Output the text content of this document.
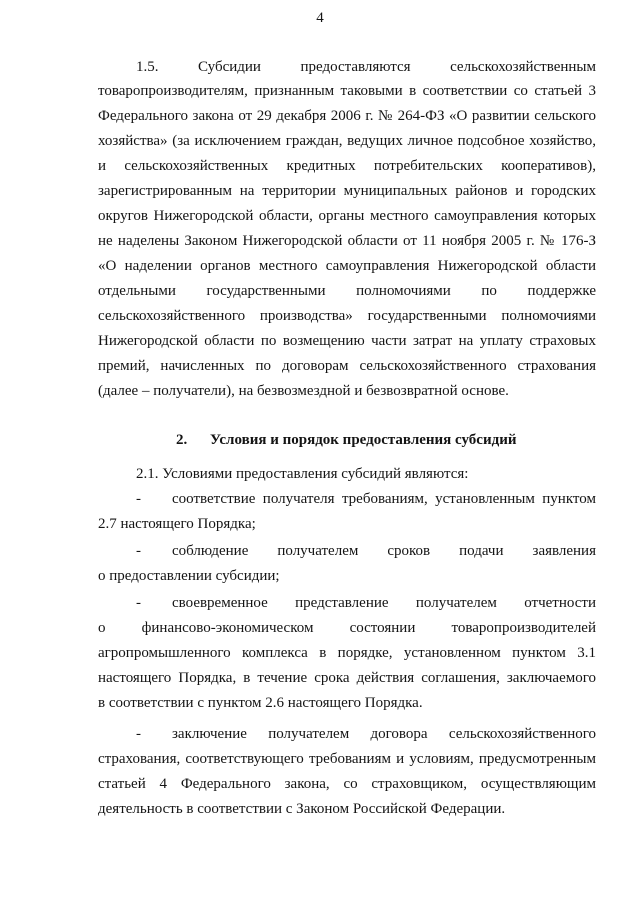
4
1.5. Субсидии предоставляются сельскохозяйственным
товаропроизводителям, признанным таковыми в соответствии со статьей 3
Федерального закона от 29 декабря 2006 г. № 264-ФЗ «О развитии сельского
хозяйства» (за исключением граждан, ведущих личное подсобное хозяйство,
и сельскохозяйственных кредитных потребительских кооперативов),
зарегистрированным на территории муниципальных районов и городских
округов Нижегородской области, органы местного самоуправления которых
не наделены Законом Нижегородской области от 11 ноября 2005 г. № 176-З
«О наделении органов местного самоуправления Нижегородской области
отдельными государственными полномочиями по поддержке
сельскохозяйственного производства» государственными полномочиями
Нижегородской области по возмещению части затрат на уплату страховых
премий, начисленных по договорам сельскохозяйственного страхования
(далее – получатели), на безвозмездной и безвозвратной основе.
2. Условия и порядок предоставления субсидий
2.1. Условиями предоставления субсидий являются:
-	соответствие получателя требованиям, установленным пунктом
2.7 настоящего Порядка;
-	соблюдение получателем сроков подачи заявления
о предоставлении субсидии;
-	своевременное представление получателем отчетности
о финансово-экономическом состоянии товаропроизводителей
агропромышленного комплекса в порядке, установленном пунктом 3.1
настоящего Порядка, в течение срока действия соглашения, заключаемого
в соответствии с пунктом 2.6 настоящего Порядка.
-	заключение получателем договора сельскохозяйственного
страхования, соответствующего требованиям и условиям, предусмотренным
статьей 4 Федерального закона, со страховщиком, осуществляющим
деятельность в соответствии с Законом Российской Федерации.
